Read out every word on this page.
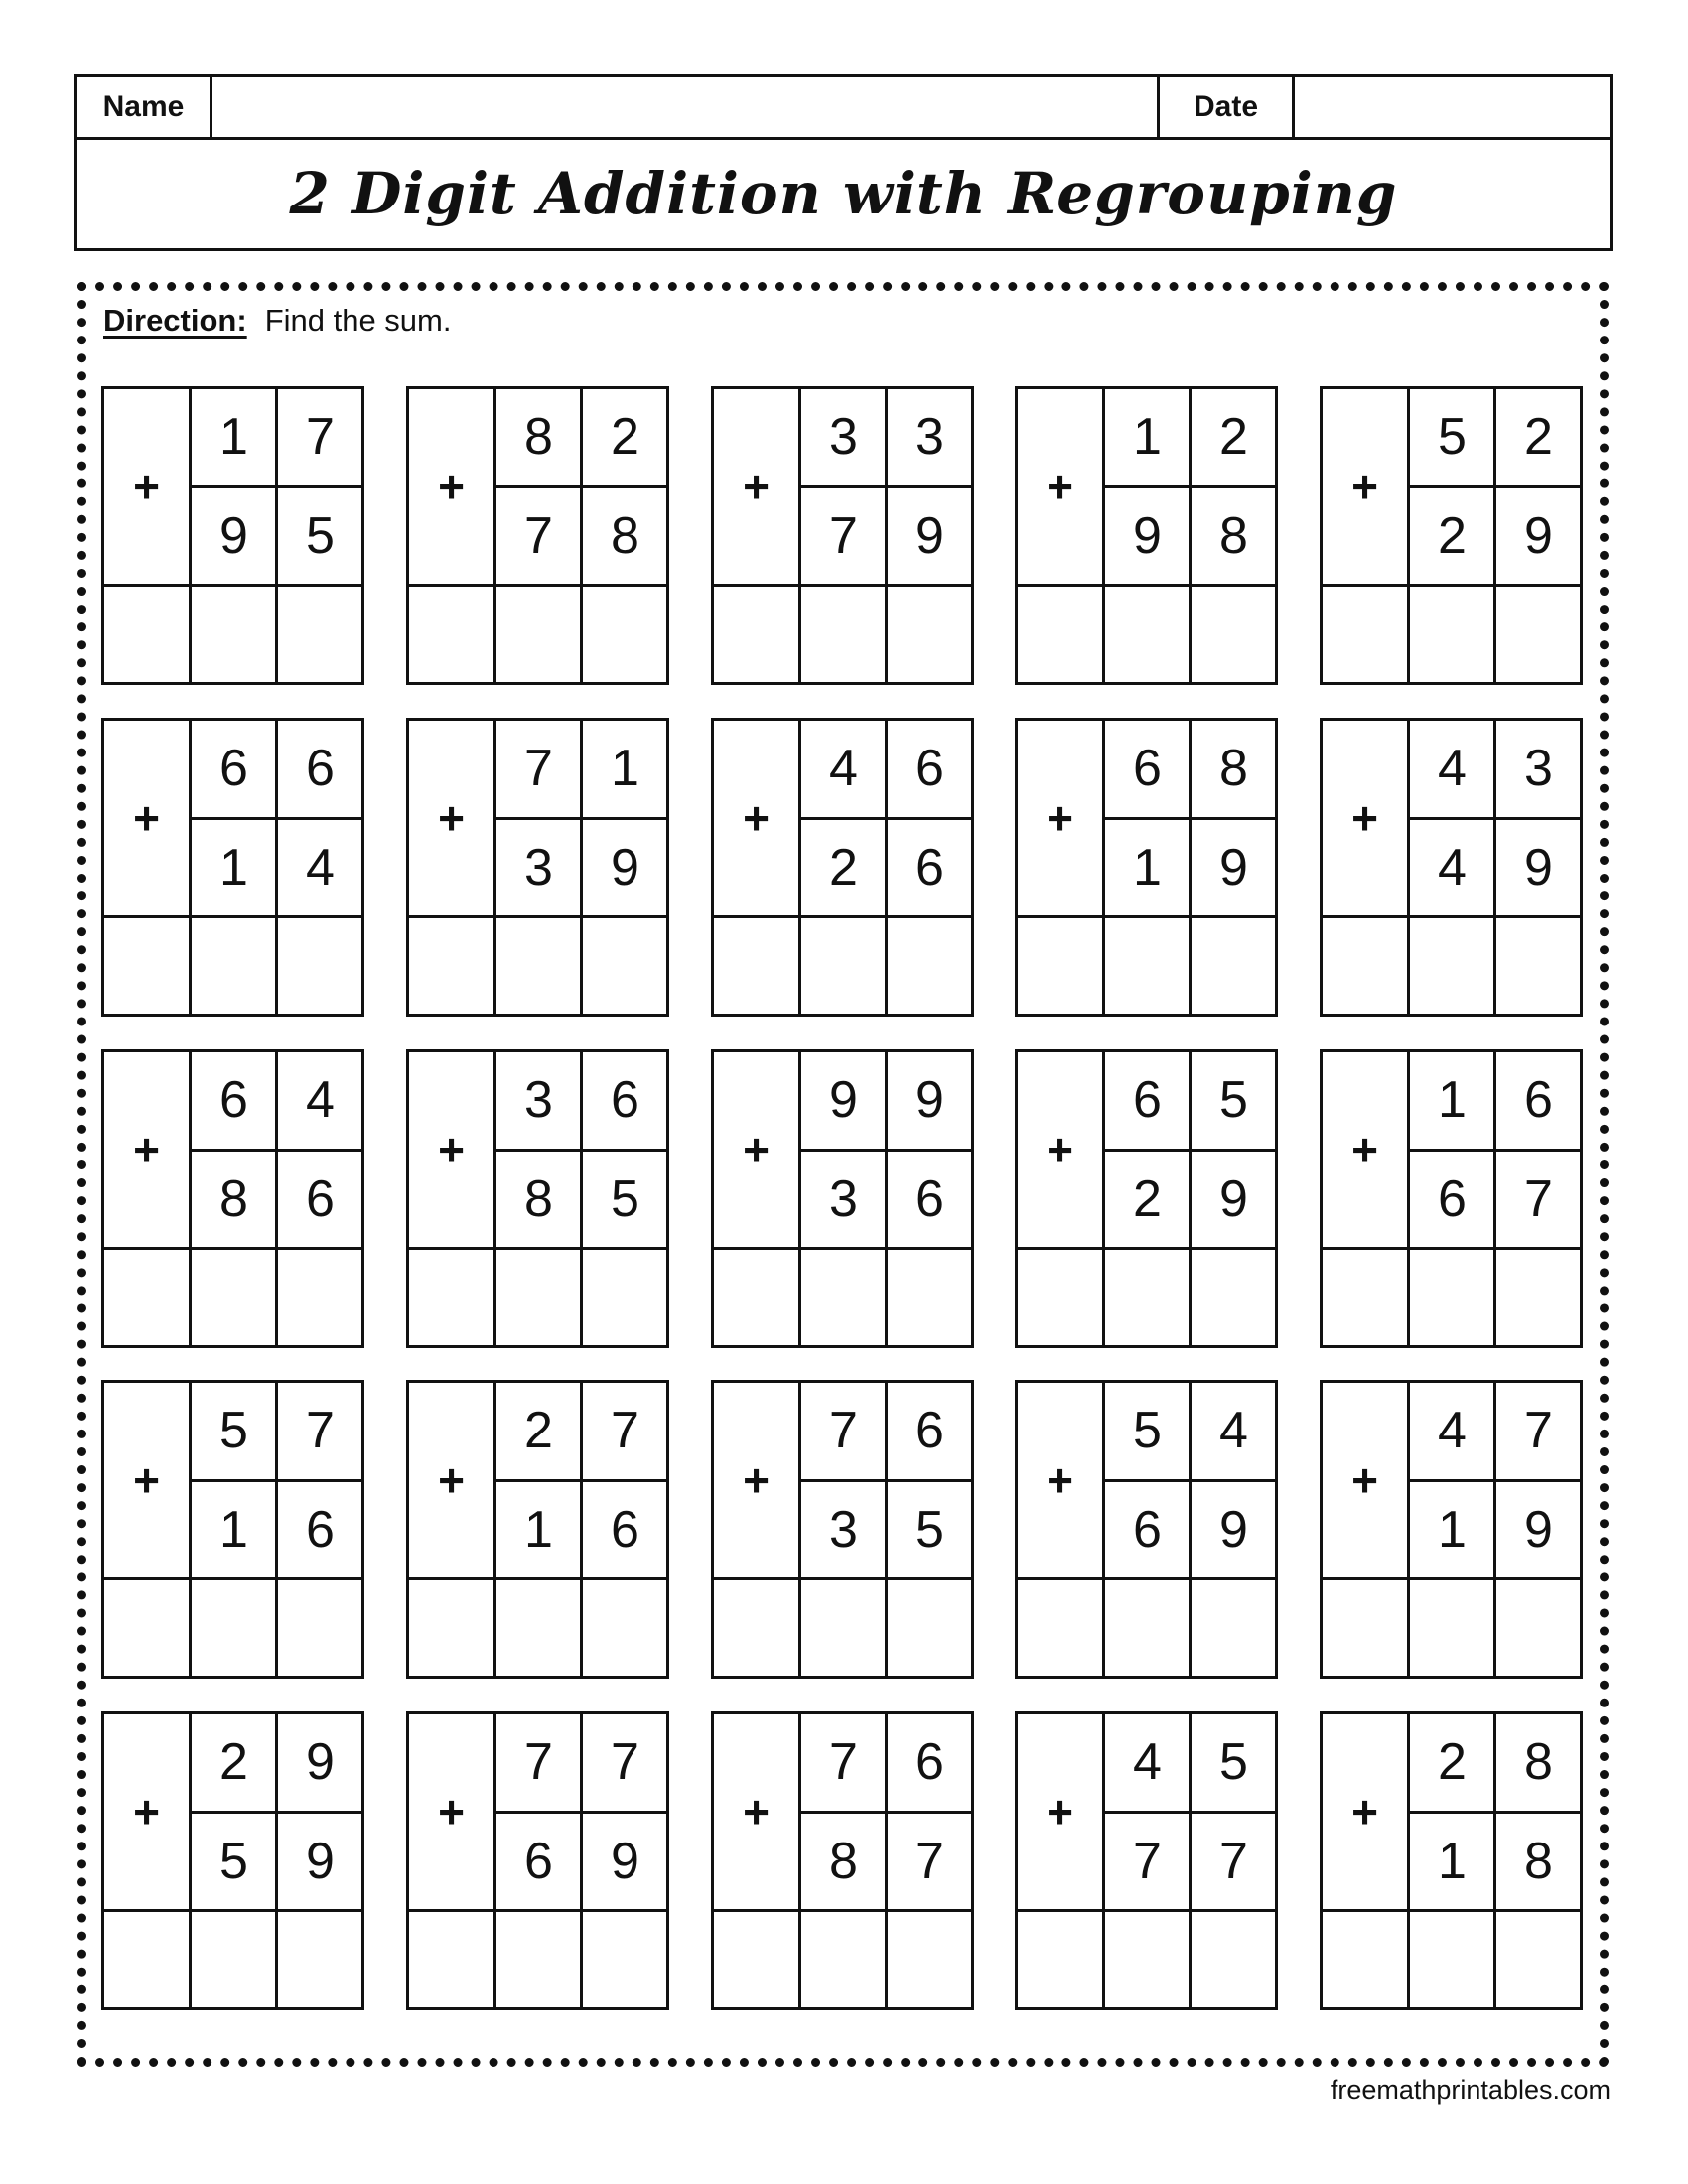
Name	Date
2 Digit Addition with Regrouping
Direction: Find the sum.
+
1	7
9	5
+
8	2
7	8
+
3	3
7	9
+
1	2
9	8
+
5	2
2	9
+
6	6
1	4
+
7	1
3	9
+
4	6
2	6
+
6	8
1	9
+
4	3
4	9
+
6	4
8	6
+
3	6
8	5
+
9	9
3	6
+
6	5
2	9
+
1	6
6	7
+
5	7
1	6
+
2	7
1	6
+
7	6
3	5
+
5	4
6	9
+
4	7
1	9
+
2	9
5	9
+
7	7
6	9
+
7	6
8	7
+
4	5
7	7
+
2	8
1	8
freemathprintables.com
